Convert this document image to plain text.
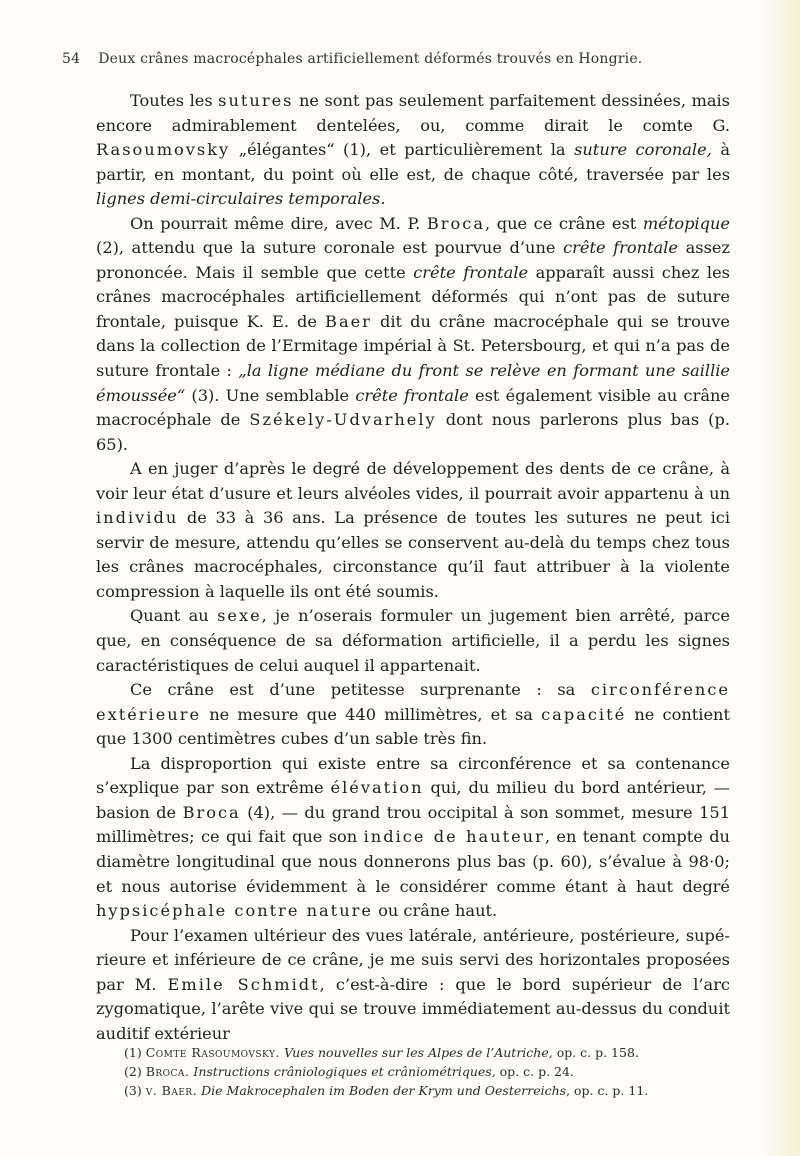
54 Deux crânes macrocéphales artificiellement déformés trouvés en Hongrie.

Toutes les sutures ne sont pas seulement parfaitement dessinées, mais encore admirablement dentelées, ou, comme dirait le comte G. Rasoumovsky „élégantes“ (1), et particulièrement la suture coronale, à partir, en montant, du point où elle est, de chaque côté, traversée par les lignes demi-circulaires temporales.

On pourrait même dire, avec M. P. Broca, que ce crâne est métopique (2), attendu que la suture coronale est pourvue d’une crête frontale assez prononcée. Mais il semble que cette crête frontale apparaît aussi chez les crânes macrocéphales artificiellement déformés qui n’ont pas de suture frontale, puisque K. E. de Baer dit du crâne macrocéphale qui se trouve dans la collection de l’Ermitage impérial à St. Petersbourg, et qui n’a pas de suture frontale : „la ligne médiane du front se relève en formant une saillie émoussée“ (3). Une semblable crête frontale est également visible au crâne macrocéphale de Székely-Udvarhely dont nous parlerons plus bas (p. 65).

A en juger d’après le degré de développement des dents de ce crâne, à voir leur état d’usure et leurs alvéoles vides, il pourrait avoir appartenu à un individu de 33 à 36 ans. La présence de toutes les sutures ne peut ici servir de mesure, attendu qu’elles se conservent au-delà du temps chez tous les crânes macrocéphales, circonstance qu’il faut attribuer à la violente compression à laquelle ils ont été soumis.

Quant au sexe, je n’oserais formuler un jugement bien arrêté, parce que, en conséquence de sa déformation artificielle, il a perdu les signes caractéristiques de celui auquel il appartenait.

Ce crâne est d’une petitesse surprenante : sa circonférence extérieure ne mesure que 440 millimètres, et sa capacité ne contient que 1300 centimètres cubes d’un sable très fin.

La disproportion qui existe entre sa circonférence et sa contenance s’explique par son extrême élévation qui, du milieu du bord antérieur, — basion de Broca (4), — du grand trou occipital à son sommet, mesure 151 millimètres; ce qui fait que son indice de hauteur, en tenant compte du diamètre longitudinal que nous donnerons plus bas (p. 60), s’évalue à 98·0; et nous autorise évidemment à le considérer comme étant à haut degré hypsicéphale contre nature ou crâne haut.

Pour l’examen ultérieur des vues latérale, antérieure, postérieure, supérieure et inférieure de ce crâne, je me suis servi des horizontales proposées par M. Emile Schmidt, c’est-à-dire : que le bord supérieur de l’arc zygomatique, l’arête vive qui se trouve immédiatement au-dessus du conduit auditif extérieur

(1) Comte Rasoumovsky. Vues nouvelles sur les Alpes de l’Autriche, op. c. p. 158.
(2) Broca. Instructions crâniologiques et crâniométriques, op. c. p. 24.
(3) v. Baer. Die Makrocephalen im Boden der Krym und Oesterreichs, op. c. p. 11.
